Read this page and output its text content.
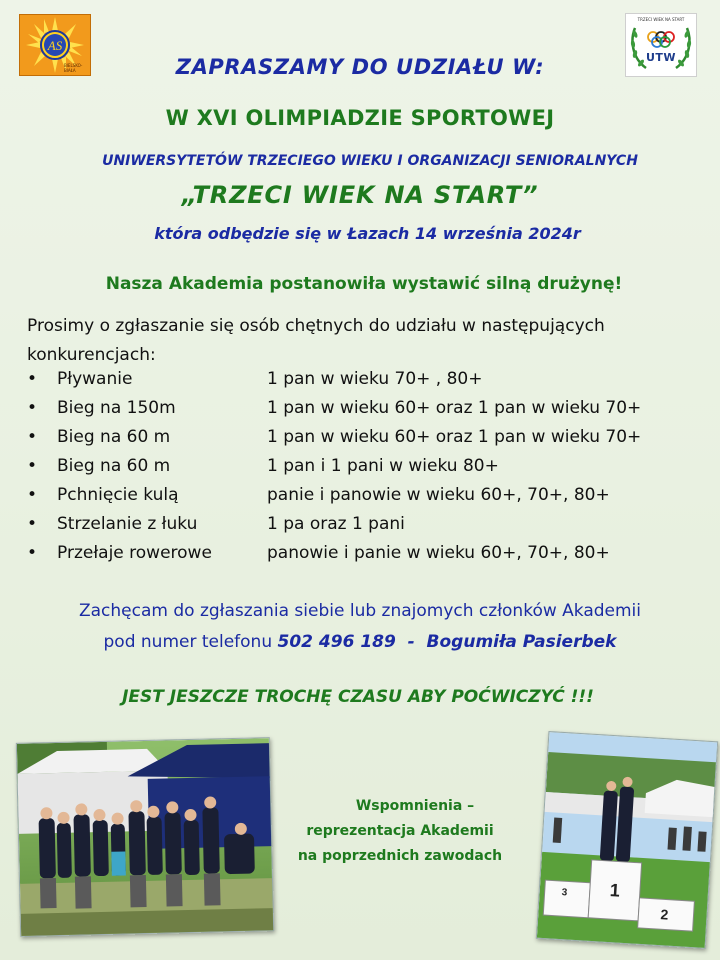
AS
BIELSKO-BIAŁA
TRZECI WIEK NA START
UTW
ZAPRASZAMY DO UDZIAŁU W:
W XVI OLIMPIADZIE SPORTOWEJ
UNIWERSYTETÓW TRZECIEGO WIEKU I ORGANIZACJI SENIORALNYCH
„TRZECI WIEK NA START”
która odbędzie się w Łazach 14 września 2024r
Nasza Akademia postanowiła wystawić silną drużynę!
Prosimy o zgłaszanie się osób chętnych do udziału w następujących
konkurencjach:
• Pływanie	1 pan w wieku 70+ , 80+
• Bieg na 150m	1 pan w wieku 60+ oraz 1 pan w wieku 70+
• Bieg na 60 m	1 pan w wieku 60+ oraz 1 pan w wieku 70+
• Bieg na 60 m	1 pan i 1 pani w wieku 80+
• Pchnięcie kulą	panie i panowie w wieku 60+, 70+, 80+
• Strzelanie z łuku	1 pa oraz 1 pani
• Przełaje rowerowe	panowie i panie w wieku 60+, 70+, 80+
Zachęcam do zgłaszania siebie lub znajomych członków Akademii
pod numer telefonu 502 496 189  -  Bogumiła Pasierbek
JEST JESZCZE TROCHĘ CZASU ABY POĆWICZYĆ !!!
Wspomnienia –
reprezentacja Akademii
na poprzednich zawodach
3 1
2
